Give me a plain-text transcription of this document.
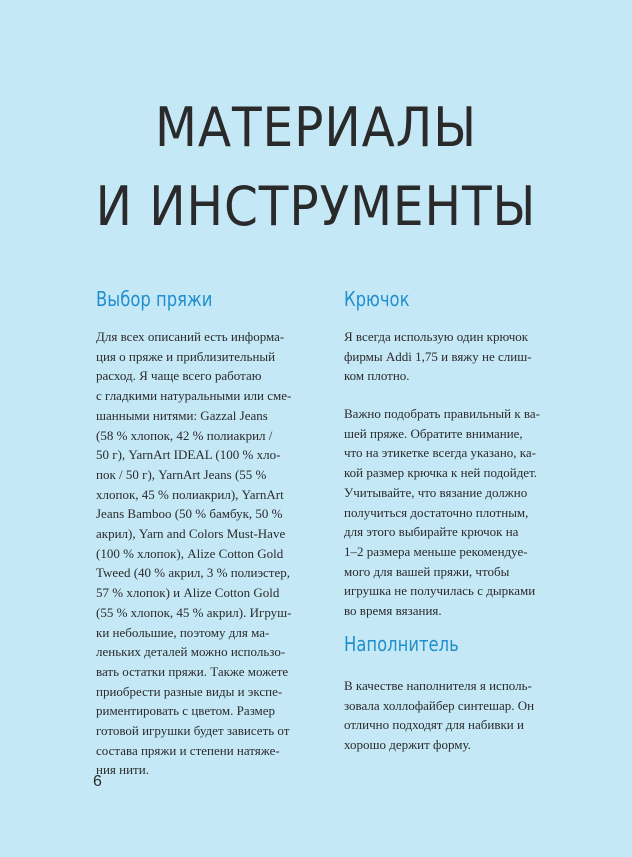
МАТЕРИАЛЫ
И ИНСТРУМЕНТЫ
Выбор пряжи

Для всех описаний есть информа-
ция о пряже и приблизительный
расход. Я чаще всего работаю
с гладкими натуральными или сме-
шанными нитями: Gazzal Jeans
(58 % хлопок, 42 % полиакрил /
50 г), YarnArt IDEAL (100 % хло-
пок / 50 г), YarnArt Jeans (55 %
хлопок, 45 % полиакрил), YarnArt
Jeans Bamboo (50 % бамбук, 50 %
акрил), Yarn and Colors Must-Have
(100 % хлопок), Alize Cotton Gold
Tweed (40 % акрил, 3 % полиэстер,
57 % хлопок) и Alize Cotton Gold
(55 % хлопок, 45 % акрил). Игруш-
ки небольшие, поэтому для ма-
леньких деталей можно использо-
вать остатки пряжи. Также можете
приобрести разные виды и экспе-
риментировать с цветом. Размер
готовой игрушки будет зависеть от
состава пряжи и степени натяже-
ния нити.

Крючок

Я всегда использую один крючок
фирмы Addi 1,75 и вяжу не слиш-
ком плотно.

Важно подобрать правильный к ва-
шей пряже. Обратите внимание,
что на этикетке всегда указано, ка-
кой размер крючка к ней подойдет.
Учитывайте, что вязание должно
получиться достаточно плотным,
для этого выбирайте крючок на
1–2 размера меньше рекомендуе-
мого для вашей пряжи, чтобы
игрушка не получилась с дырками
во время вязания.

Наполнитель

В качестве наполнителя я исполь-
зовала холлофайбер синтешар. Он
отлично подходят для набивки и
хорошо держит форму.

6
